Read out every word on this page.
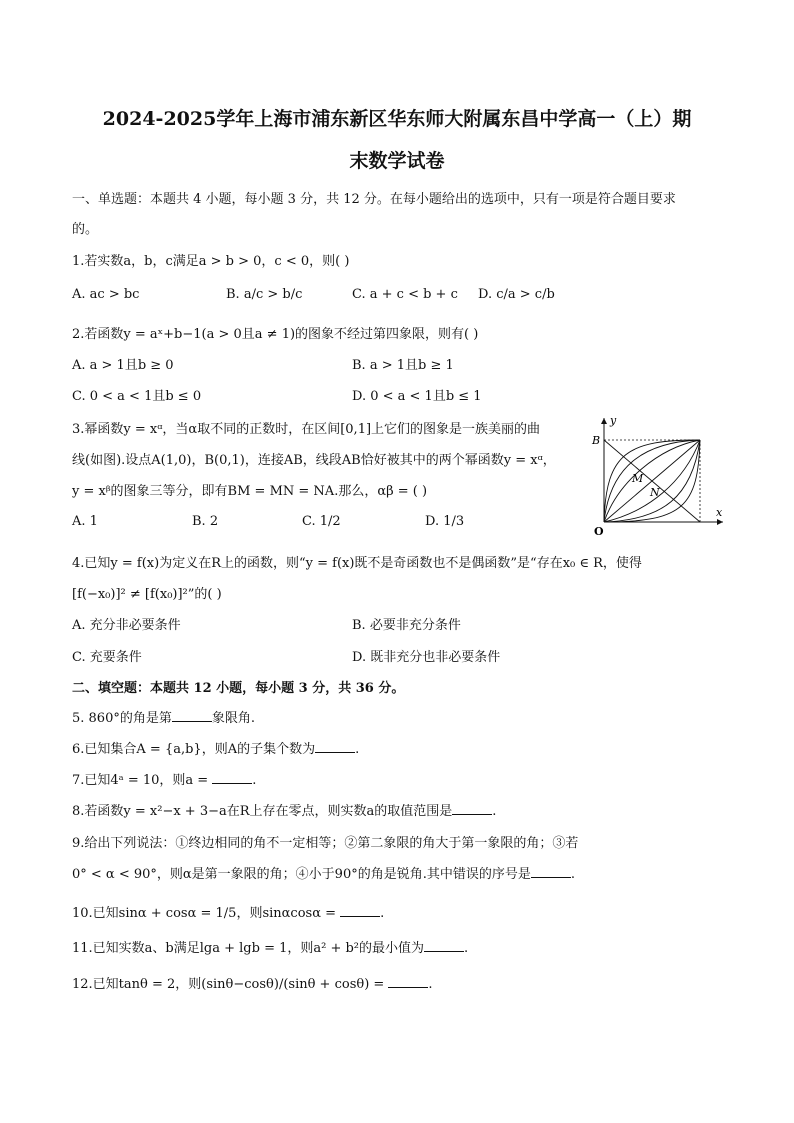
2024-2025学年上海市浦东新区华东师大附属东昌中学高一（上）期
末数学试卷
一、单选题：本题共 4 小题，每小题 3 分，共 12 分。在每小题给出的选项中，只有一项是符合题目要求
的。
1.若实数a，b，c满足a > b > 0，c < 0，则( )
A. ac > bc	B. a/c > b/c	C. a + c < b + c D. c/a > c/b
2.若函数y = aˣ+b−1(a > 0且a ≠ 1)的图象不经过第四象限，则有( )
A. a > 1且b ≥ 0	B. a > 1且b ≥ 1
C. 0 < a < 1且b ≤ 0	D. 0 < a < 1且b ≤ 1
3.幂函数y = xᵅ，当α取不同的正数时，在区间[0,1]上它们的图象是一族美丽的曲
线(如图).设点A(1,0)，B(0,1)，连接AB，线段AB恰好被其中的两个幂函数y = xᵅ，
y = xᵝ的图象三等分，即有BM = MN = NA.那么，αβ = ( )
A. 1	B. 2	C. 1/2	D. 1/3
y
x
B
M
N
O
4.已知y = f(x)为定义在R上的函数，则“y = f(x)既不是奇函数也不是偶函数”是“存在x₀ ∈ R，使得
[f(−x₀)]² ≠ [f(x₀)]²”的( )
A. 充分非必要条件	B. 必要非充分条件
C. 充要条件	D. 既非充分也非必要条件
二、填空题：本题共 12 小题，每小题 3 分，共 36 分。
5. 860°的角是第	象限角.
6.已知集合A = {a,b}，则A的子集个数为	.
7.已知4ᵃ = 10，则a =	.
8.若函数y = x²−x + 3−a在R上存在零点，则实数a的取值范围是	.
9.给出下列说法：①终边相同的角不一定相等；②第二象限的角大于第一象限的角；③若
0° < α < 90°，则α是第一象限的角；④小于90°的角是锐角.其中错误的序号是	.
10.已知sinα + cosα = 1/5，则sinαcosα =	.
11.已知实数a、b满足lga + lgb = 1，则a² + b²的最小值为	.
12.已知tanθ = 2，则(sinθ−cosθ)/(sinθ + cosθ) =	.
